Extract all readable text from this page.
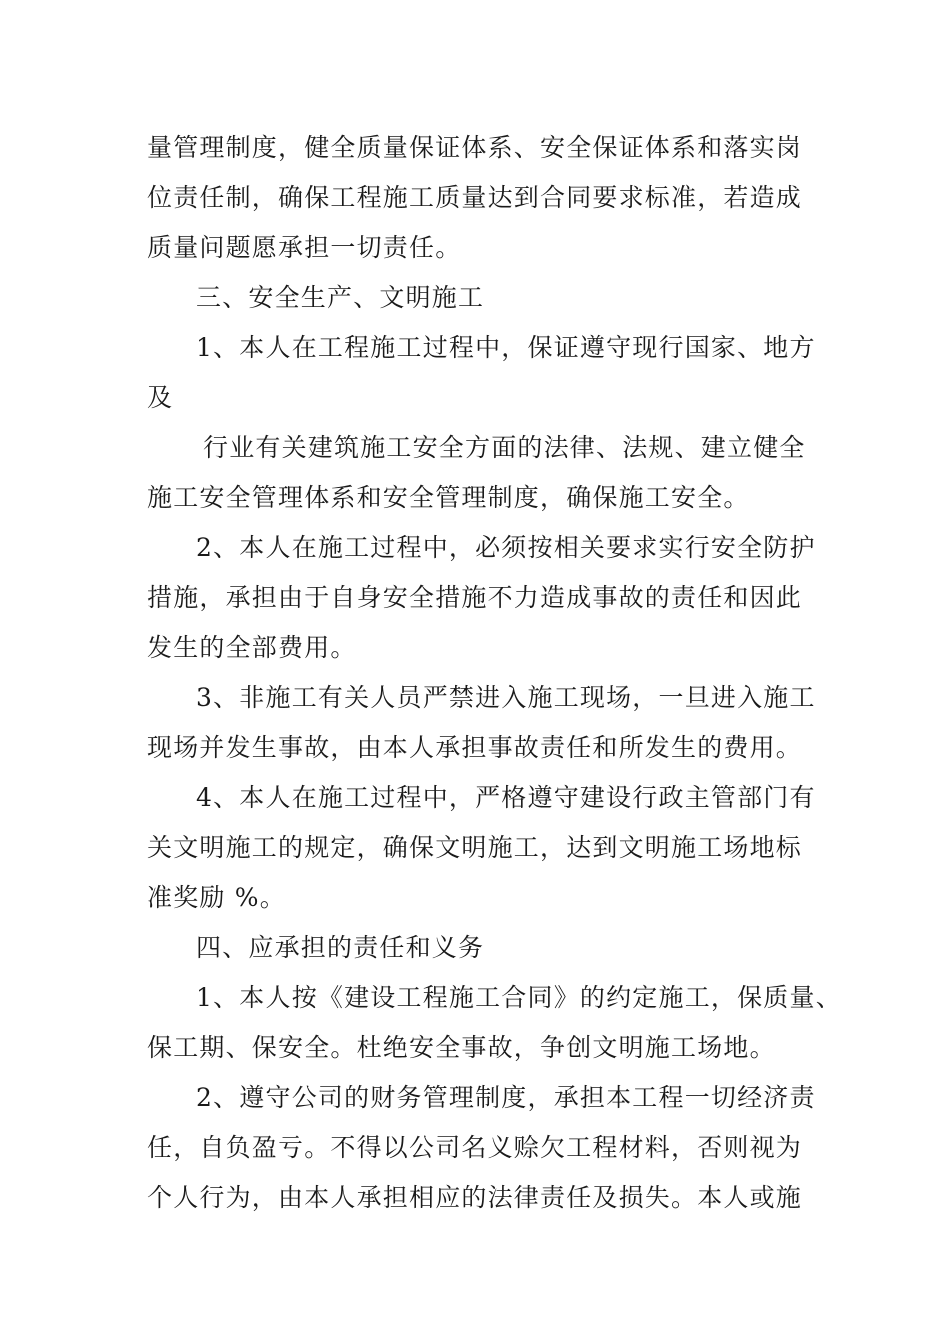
量管理制度，健全质量保证体系、安全保证体系和落实岗
位责任制，确保工程施工质量达到合同要求标准，若造成
质量问题愿承担一切责任。
三、安全生产、文明施工
1、本人在工程施工过程中，保证遵守现行国家、地方
及
行业有关建筑施工安全方面的法律、法规、建立健全
施工安全管理体系和安全管理制度，确保施工安全。
2、本人在施工过程中，必须按相关要求实行安全防护
措施，承担由于自身安全措施不力造成事故的责任和因此
发生的全部费用。
3、非施工有关人员严禁进入施工现场，一旦进入施工
现场并发生事故，由本人承担事故责任和所发生的费用。
4、本人在施工过程中，严格遵守建设行政主管部门有
关文明施工的规定，确保文明施工，达到文明施工场地标
准奖励 %。
四、应承担的责任和义务
1、本人按《建设工程施工合同》的约定施工，保质量、
保工期、保安全。杜绝安全事故，争创文明施工场地。
2、遵守公司的财务管理制度，承担本工程一切经济责
任，自负盈亏。不得以公司名义赊欠工程材料，否则视为
个人行为，由本人承担相应的法律责任及损失。本人或施
